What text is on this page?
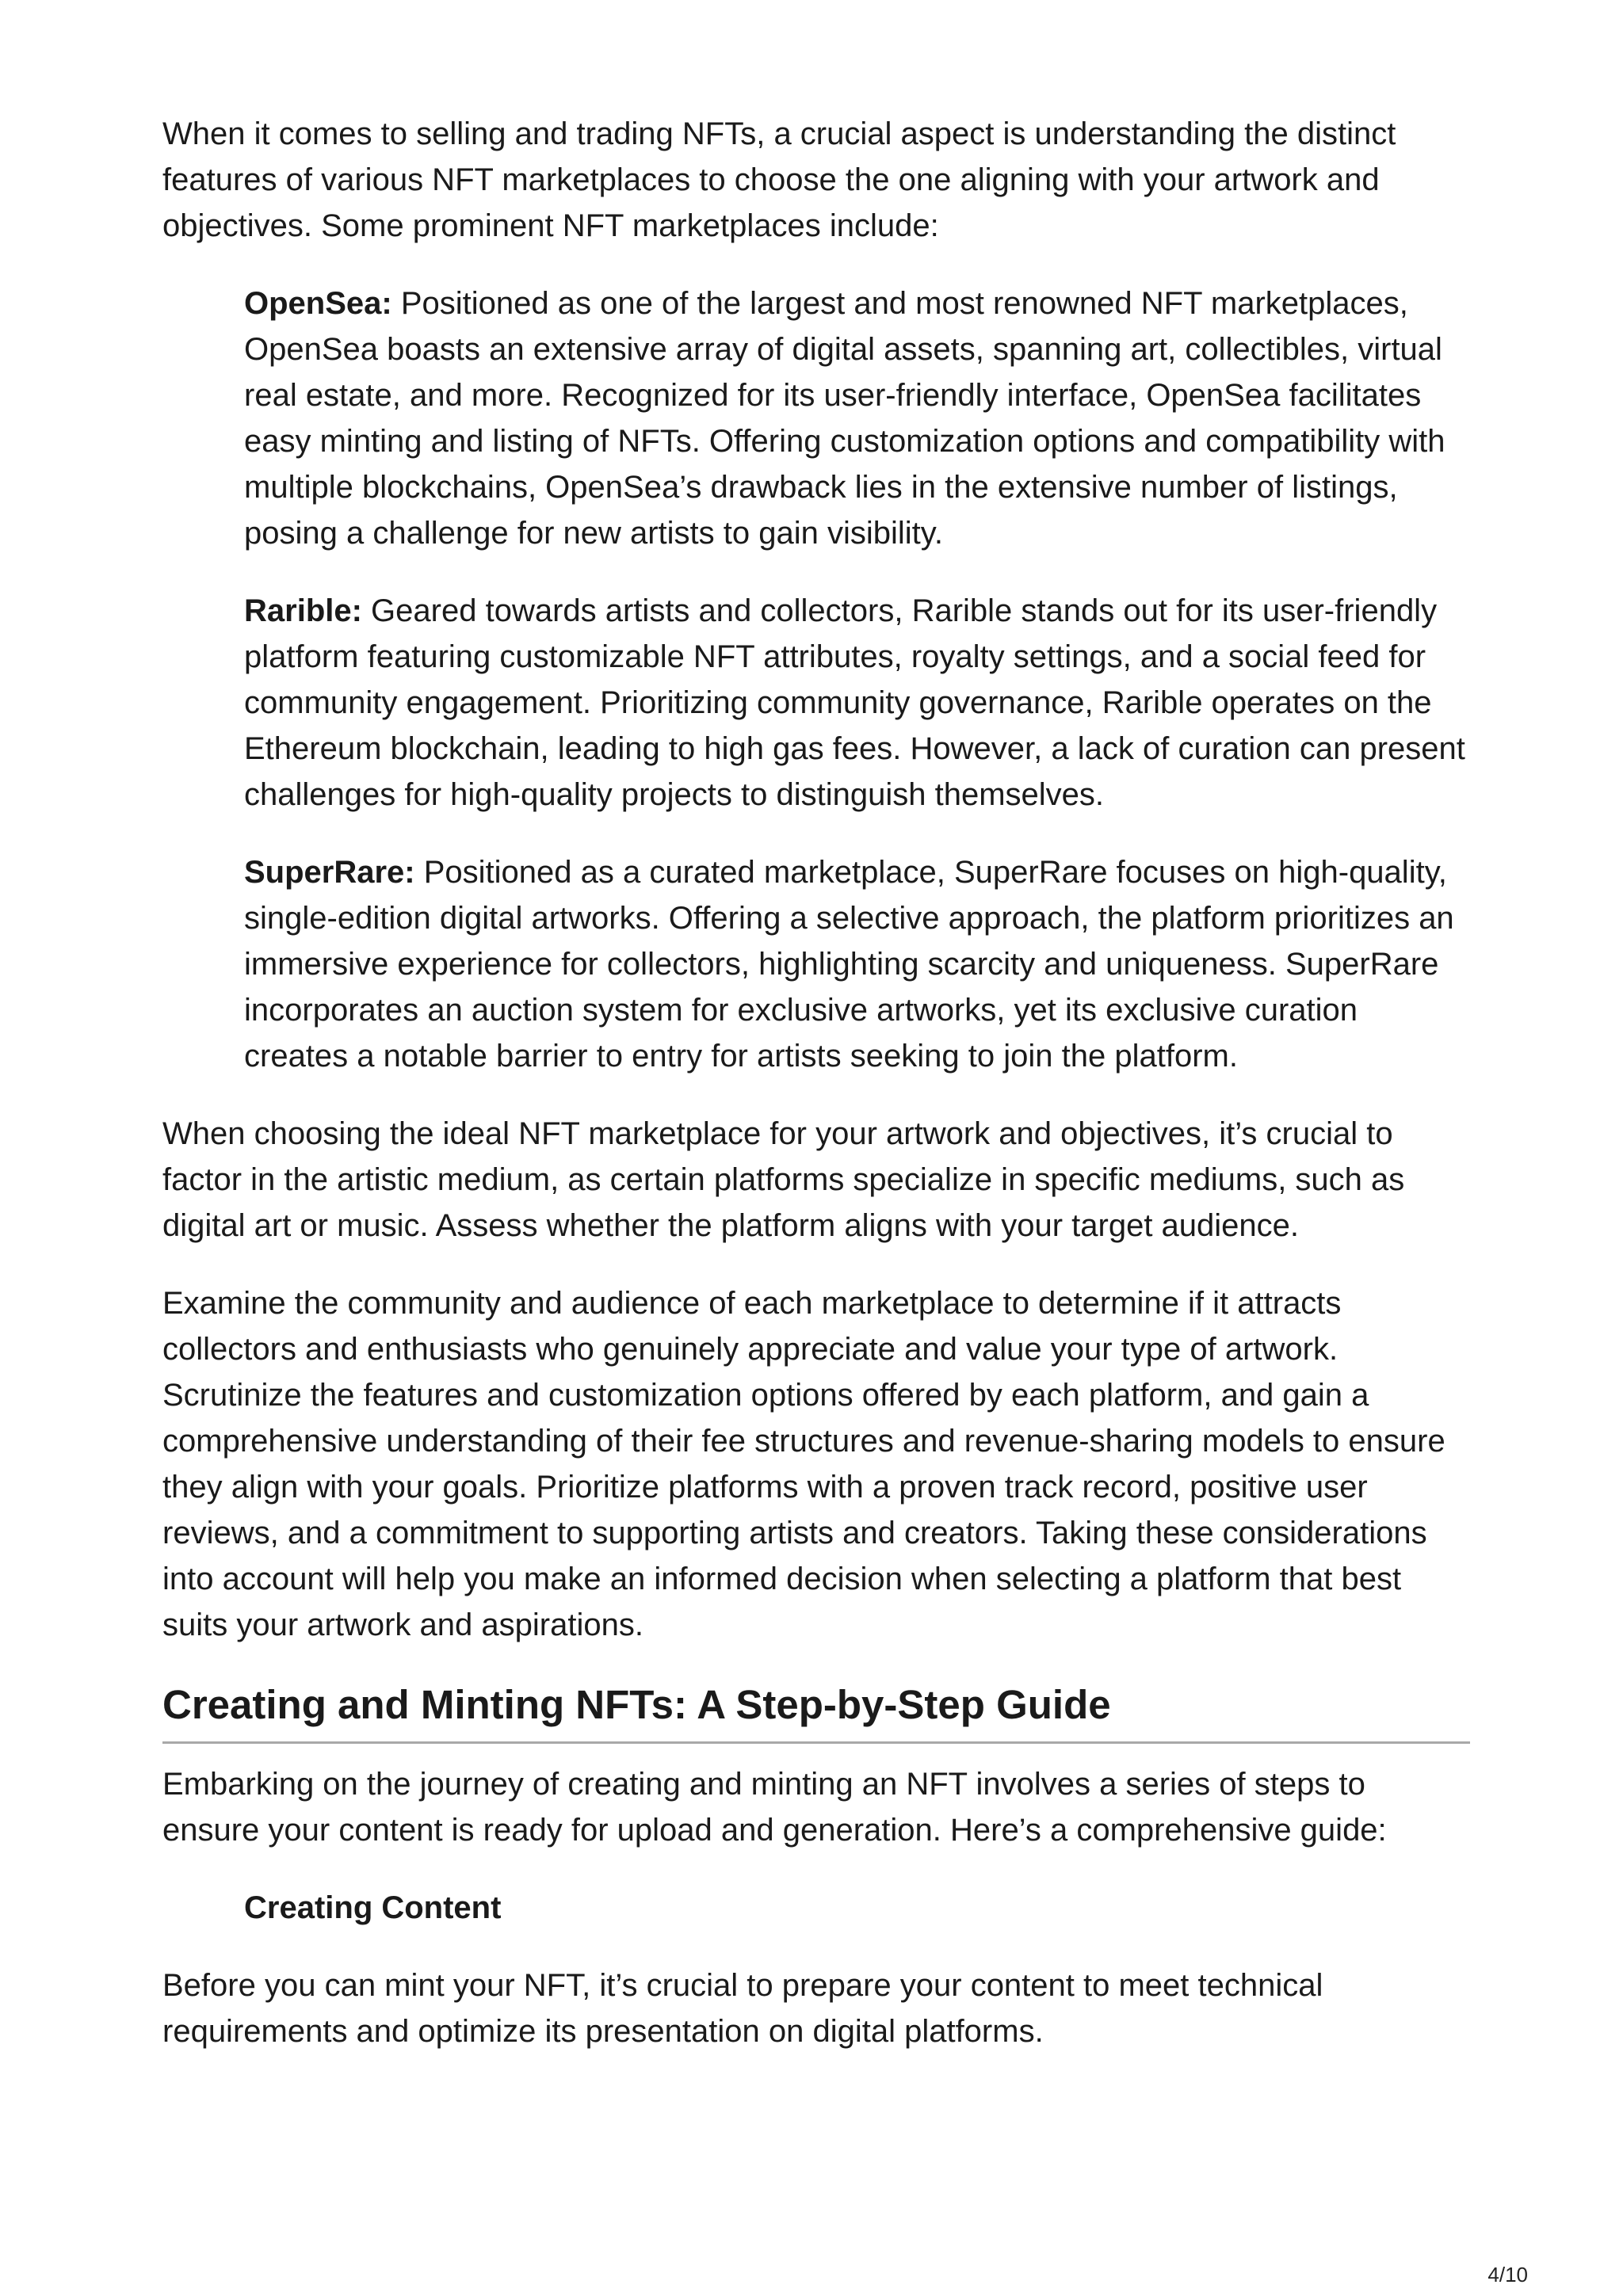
When it comes to selling and trading NFTs, a crucial aspect is understanding the distinct features of various NFT marketplaces to choose the one aligning with your artwork and objectives. Some prominent NFT marketplaces include:

OpenSea: Positioned as one of the largest and most renowned NFT marketplaces, OpenSea boasts an extensive array of digital assets, spanning art, collectibles, virtual real estate, and more. Recognized for its user-friendly interface, OpenSea facilitates easy minting and listing of NFTs. Offering customization options and compatibility with multiple blockchains, OpenSea’s drawback lies in the extensive number of listings, posing a challenge for new artists to gain visibility.

Rarible: Geared towards artists and collectors, Rarible stands out for its user-friendly platform featuring customizable NFT attributes, royalty settings, and a social feed for community engagement. Prioritizing community governance, Rarible operates on the Ethereum blockchain, leading to high gas fees. However, a lack of curation can present challenges for high-quality projects to distinguish themselves.

SuperRare: Positioned as a curated marketplace, SuperRare focuses on high-quality, single-edition digital artworks. Offering a selective approach, the platform prioritizes an immersive experience for collectors, highlighting scarcity and uniqueness. SuperRare incorporates an auction system for exclusive artworks, yet its exclusive curation creates a notable barrier to entry for artists seeking to join the platform.

When choosing the ideal NFT marketplace for your artwork and objectives, it’s crucial to factor in the artistic medium, as certain platforms specialize in specific mediums, such as digital art or music. Assess whether the platform aligns with your target audience.

Examine the community and audience of each marketplace to determine if it attracts collectors and enthusiasts who genuinely appreciate and value your type of artwork. Scrutinize the features and customization options offered by each platform, and gain a comprehensive understanding of their fee structures and revenue-sharing models to ensure they align with your goals. Prioritize platforms with a proven track record, positive user reviews, and a commitment to supporting artists and creators. Taking these considerations into account will help you make an informed decision when selecting a platform that best suits your artwork and aspirations.

Creating and Minting NFTs: A Step-by-Step Guide

Embarking on the journey of creating and minting an NFT involves a series of steps to ensure your content is ready for upload and generation. Here’s a comprehensive guide:

Creating Content

Before you can mint your NFT, it’s crucial to prepare your content to meet technical requirements and optimize its presentation on digital platforms.

4/10
